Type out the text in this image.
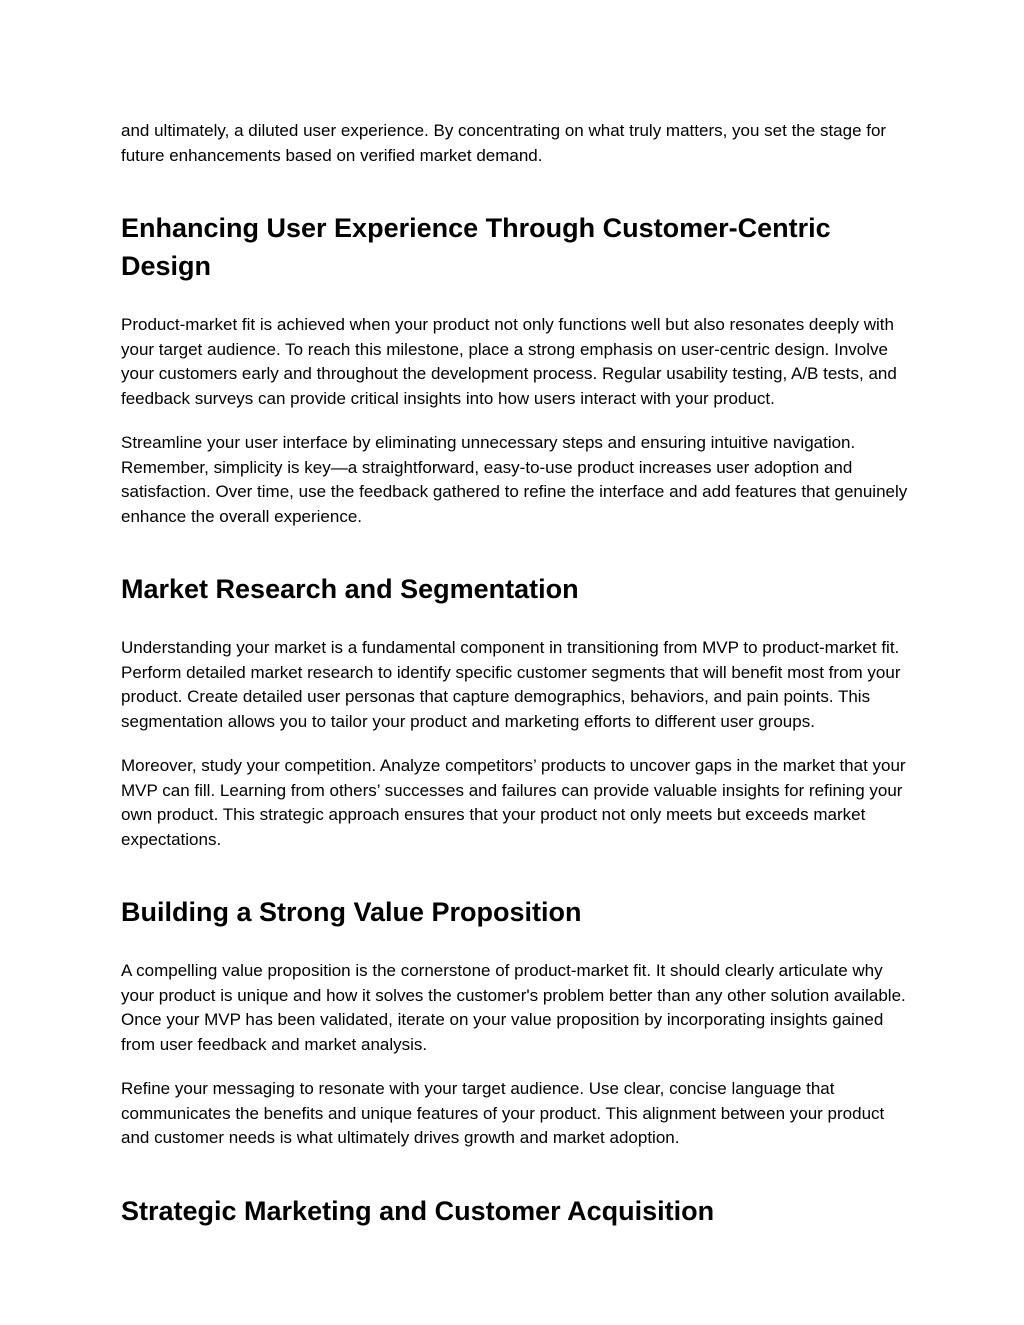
and ultimately, a diluted user experience. By concentrating on what truly matters, you set the stage for future enhancements based on verified market demand.

Enhancing User Experience Through Customer-Centric Design

Product-market fit is achieved when your product not only functions well but also resonates deeply with your target audience. To reach this milestone, place a strong emphasis on user-centric design. Involve your customers early and throughout the development process. Regular usability testing, A/B tests, and feedback surveys can provide critical insights into how users interact with your product.

Streamline your user interface by eliminating unnecessary steps and ensuring intuitive navigation. Remember, simplicity is key—a straightforward, easy-to-use product increases user adoption and satisfaction. Over time, use the feedback gathered to refine the interface and add features that genuinely enhance the overall experience.

Market Research and Segmentation

Understanding your market is a fundamental component in transitioning from MVP to product-market fit. Perform detailed market research to identify specific customer segments that will benefit most from your product. Create detailed user personas that capture demographics, behaviors, and pain points. This segmentation allows you to tailor your product and marketing efforts to different user groups.

Moreover, study your competition. Analyze competitors’ products to uncover gaps in the market that your MVP can fill. Learning from others’ successes and failures can provide valuable insights for refining your own product. This strategic approach ensures that your product not only meets but exceeds market expectations.

Building a Strong Value Proposition

A compelling value proposition is the cornerstone of product-market fit. It should clearly articulate why your product is unique and how it solves the customer's problem better than any other solution available. Once your MVP has been validated, iterate on your value proposition by incorporating insights gained from user feedback and market analysis.

Refine your messaging to resonate with your target audience. Use clear, concise language that communicates the benefits and unique features of your product. This alignment between your product and customer needs is what ultimately drives growth and market adoption.

Strategic Marketing and Customer Acquisition
